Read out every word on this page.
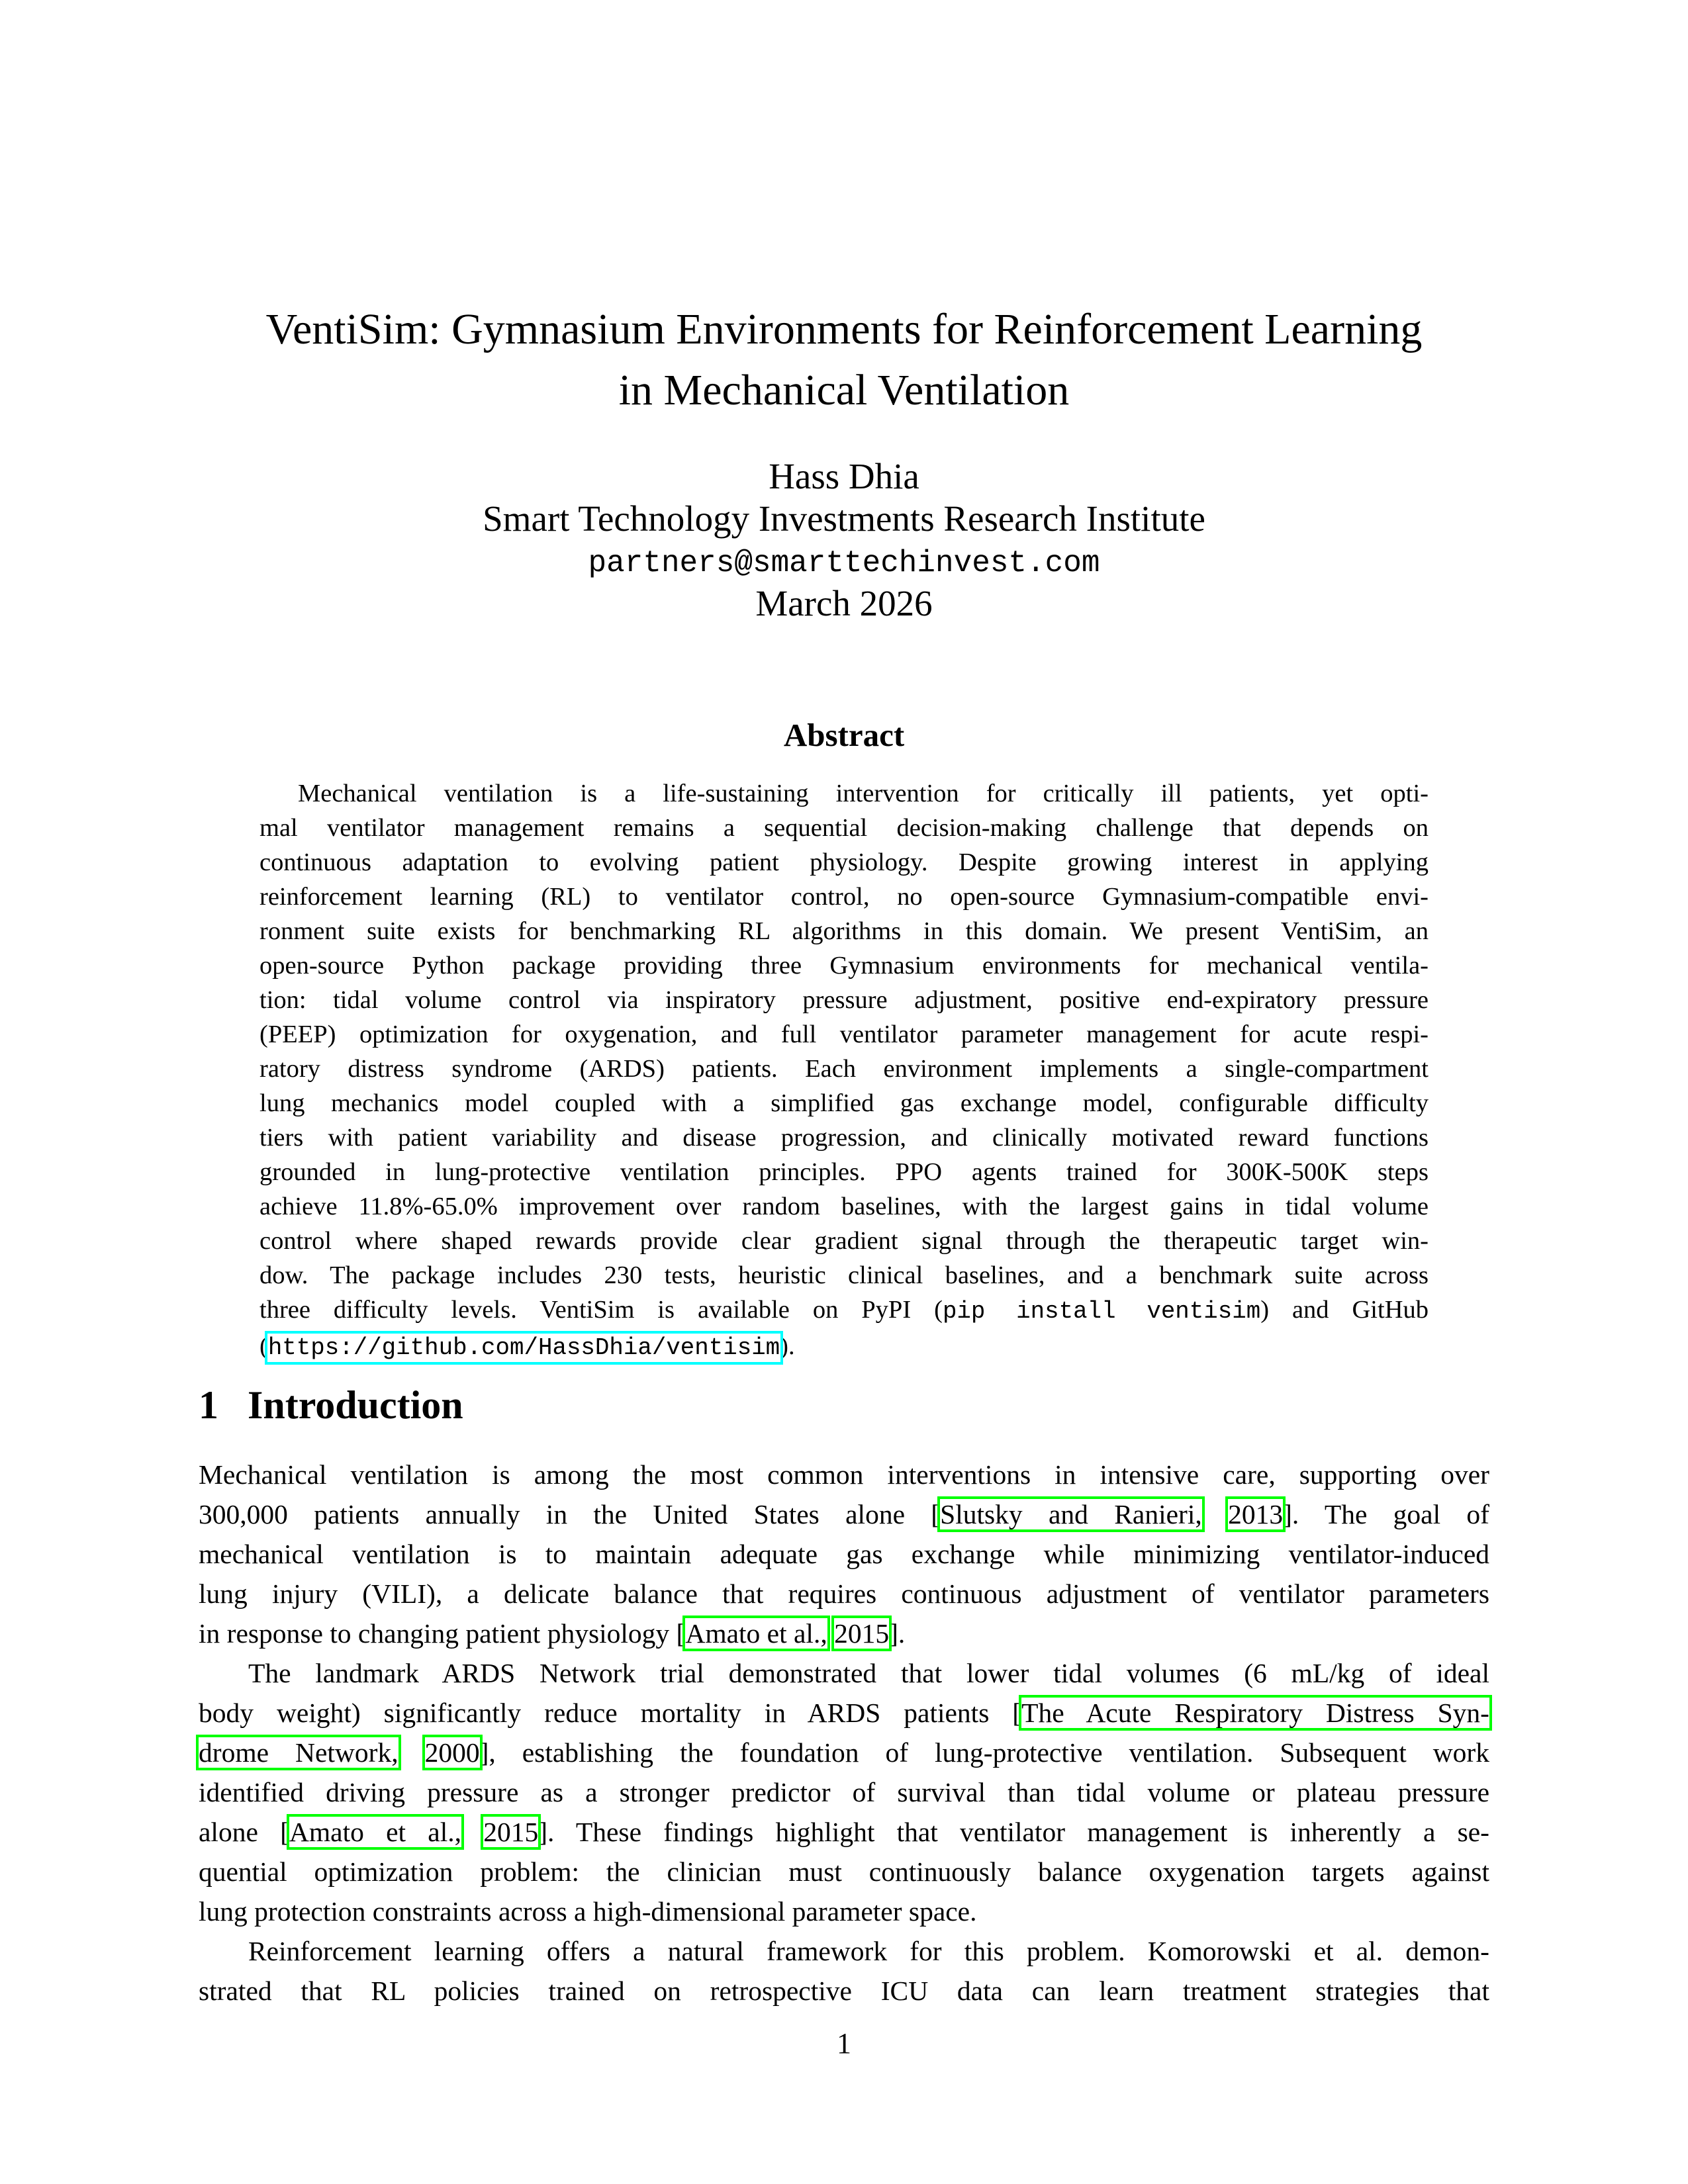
VentiSim: Gymnasium Environments for Reinforcement Learning
in Mechanical Ventilation
Hass Dhia
Smart Technology Investments Research Institute
partners@smarttechinvest.com
March 2026
Abstract
Mechanical ventilation is a life-sustaining intervention for critically ill patients, yet opti-
mal ventilator management remains a sequential decision-making challenge that depends on
continuous adaptation to evolving patient physiology. Despite growing interest in applying
reinforcement learning (RL) to ventilator control, no open-source Gymnasium-compatible envi-
ronment suite exists for benchmarking RL algorithms in this domain. We present VentiSim, an
open-source Python package providing three Gymnasium environments for mechanical ventila-
tion: tidal volume control via inspiratory pressure adjustment, positive end-expiratory pressure
(PEEP) optimization for oxygenation, and full ventilator parameter management for acute respi-
ratory distress syndrome (ARDS) patients. Each environment implements a single-compartment
lung mechanics model coupled with a simplified gas exchange model, configurable difficulty
tiers with patient variability and disease progression, and clinically motivated reward functions
grounded in lung-protective ventilation principles. PPO agents trained for 300K-500K steps
achieve 11.8%-65.0% improvement over random baselines, with the largest gains in tidal volume
control where shaped rewards provide clear gradient signal through the therapeutic target win-
dow. The package includes 230 tests, heuristic clinical baselines, and a benchmark suite across
three difficulty levels. VentiSim is available on PyPI (pip install ventisim) and GitHub
(https://github.com/HassDhia/ventisim).
1 Introduction
Mechanical ventilation is among the most common interventions in intensive care, supporting over
300,000 patients annually in the United States alone [Slutsky and Ranieri, 2013]. The goal of
mechanical ventilation is to maintain adequate gas exchange while minimizing ventilator-induced
lung injury (VILI), a delicate balance that requires continuous adjustment of ventilator parameters
in response to changing patient physiology [Amato et al., 2015].
The landmark ARDS Network trial demonstrated that lower tidal volumes (6 mL/kg of ideal
body weight) significantly reduce mortality in ARDS patients [The Acute Respiratory Distress Syn-
drome Network, 2000], establishing the foundation of lung-protective ventilation. Subsequent work
identified driving pressure as a stronger predictor of survival than tidal volume or plateau pressure
alone [Amato et al., 2015]. These findings highlight that ventilator management is inherently a se-
quential optimization problem: the clinician must continuously balance oxygenation targets against
lung protection constraints across a high-dimensional parameter space.
Reinforcement learning offers a natural framework for this problem. Komorowski et al. demon-
strated that RL policies trained on retrospective ICU data can learn treatment strategies that
1
